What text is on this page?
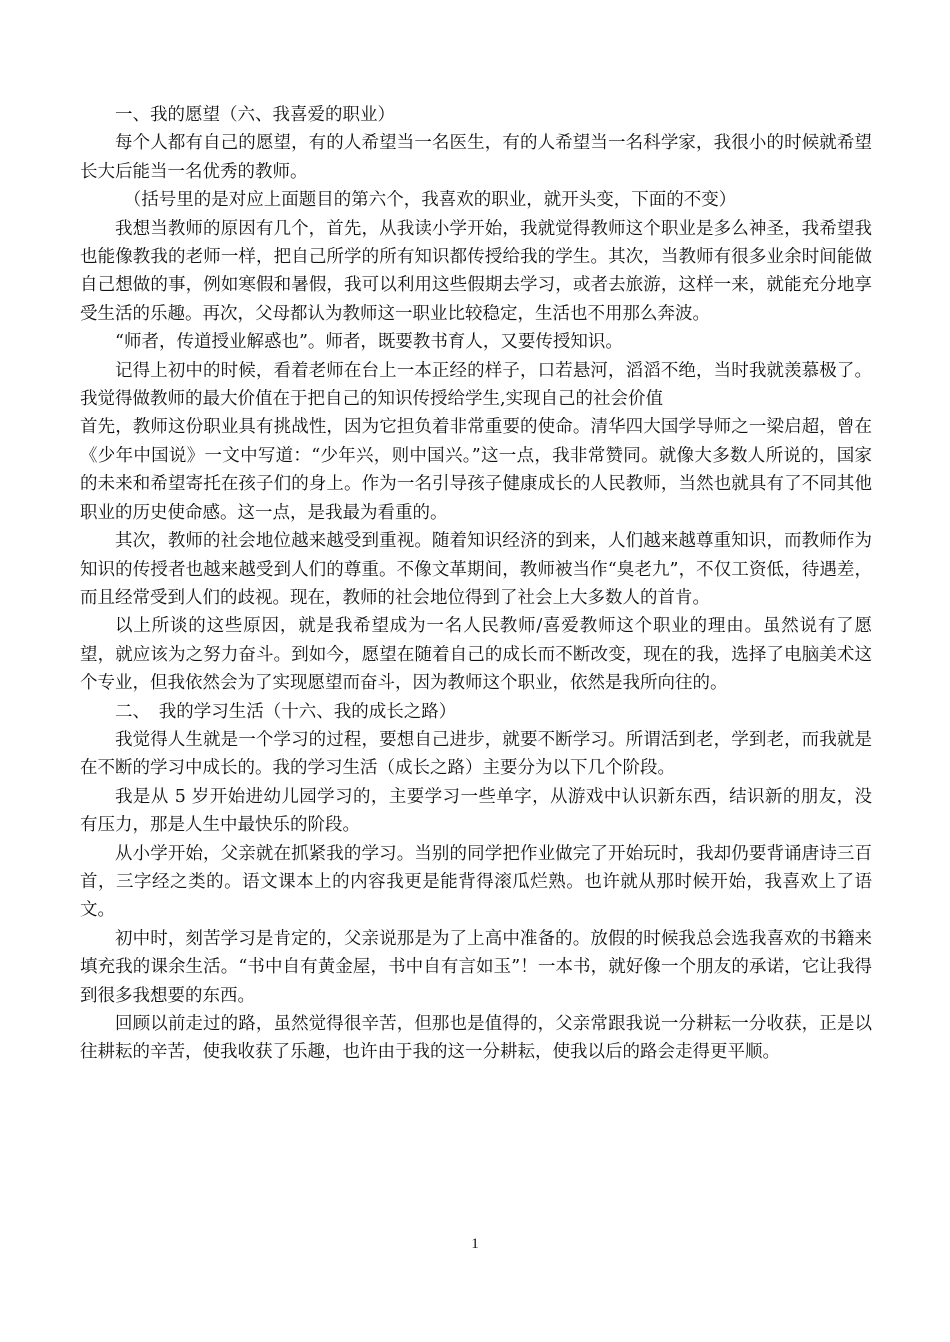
一、我的愿望（六、我喜爱的职业）

每个人都有自己的愿望，有的人希望当一名医生，有的人希望当一名科学家，我很小的时候就希望长大后能当一名优秀的教师。

（括号里的是对应上面题目的第六个，我喜欢的职业，就开头变，下面的不变）

我想当教师的原因有几个，首先，从我读小学开始，我就觉得教师这个职业是多么神圣，我希望我也能像教我的老师一样，把自己所学的所有知识都传授给我的学生。其次，当教师有很多业余时间能做自己想做的事，例如寒假和暑假，我可以利用这些假期去学习，或者去旅游，这样一来，就能充分地享受生活的乐趣。再次，父母都认为教师这一职业比较稳定，生活也不用那么奔波。

“师者，传道授业解惑也”。师者，既要教书育人，又要传授知识。

记得上初中的时候，看着老师在台上一本正经的样子，口若悬河，滔滔不绝，当时我就羡慕极了。我觉得做教师的最大价值在于把自己的知识传授给学生,实现自己的社会价值

首先，教师这份职业具有挑战性，因为它担负着非常重要的使命。清华四大国学导师之一梁启超，曾在《少年中国说》一文中写道：“少年兴，则中国兴。”这一点，我非常赞同。就像大多数人所说的，国家的未来和希望寄托在孩子们的身上。作为一名引导孩子健康成长的人民教师，当然也就具有了不同其他职业的历史使命感。这一点，是我最为看重的。

其次，教师的社会地位越来越受到重视。随着知识经济的到来，人们越来越尊重知识，而教师作为知识的传授者也越来越受到人们的尊重。不像文革期间，教师被当作“臭老九”，不仅工资低，待遇差，而且经常受到人们的歧视。现在，教师的社会地位得到了社会上大多数人的首肯。

以上所谈的这些原因，就是我希望成为一名人民教师/喜爱教师这个职业的理由。虽然说有了愿望，就应该为之努力奋斗。到如今，愿望在随着自己的成长而不断改变，现在的我，选择了电脑美术这个专业，但我依然会为了实现愿望而奋斗，因为教师这个职业，依然是我所向往的。

二、　我的学习生活（十六、我的成长之路）

我觉得人生就是一个学习的过程，要想自己进步，就要不断学习。所谓活到老，学到老，而我就是在不断的学习中成长的。我的学习生活（成长之路）主要分为以下几个阶段。

我是从 5 岁开始进幼儿园学习的，主要学习一些单字，从游戏中认识新东西，结识新的朋友，没有压力，那是人生中最快乐的阶段。

从小学开始，父亲就在抓紧我的学习。当别的同学把作业做完了开始玩时，我却仍要背诵唐诗三百首，三字经之类的。语文课本上的内容我更是能背得滚瓜烂熟。也许就从那时候开始，我喜欢上了语文。

初中时，刻苦学习是肯定的，父亲说那是为了上高中准备的。放假的时候我总会选我喜欢的书籍来填充我的课余生活。“书中自有黄金屋，书中自有言如玉”！一本书，就好像一个朋友的承诺，它让我得到很多我想要的东西。

回顾以前走过的路，虽然觉得很辛苦，但那也是值得的，父亲常跟我说一分耕耘一分收获，正是以往耕耘的辛苦，使我收获了乐趣，也许由于我的这一分耕耘，使我以后的路会走得更平顺。

1
